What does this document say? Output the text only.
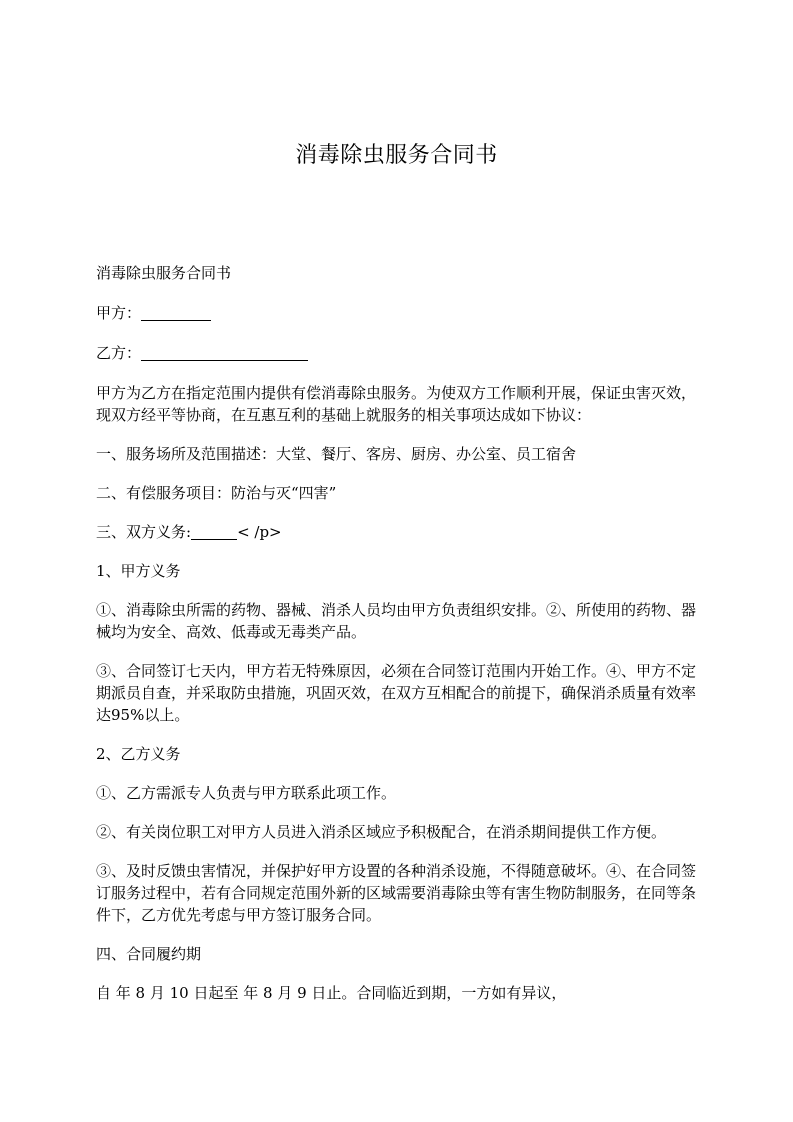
消毒除虫服务合同书

消毒除虫服务合同书

甲方：

乙方：

甲方为乙方在指定范围内提供有偿消毒除虫服务。为使双方工作顺利开展，保证虫害灭效，现双方经平等协商，在互惠互利的基础上就服务的相关事项达成如下协议：

一、服务场所及范围描述：大堂、餐厅、客房、厨房、办公室、员工宿舍

二、有偿服务项目：防治与灭“四害”

三、双方义务:	< /p>

1、甲方义务

①、消毒除虫所需的药物、器械、消杀人员均由甲方负责组织安排。②、所使用的药物、器械均为安全、高效、低毒或无毒类产品。

③、合同签订七天内，甲方若无特殊原因，必须在合同签订范围内开始工作。④、甲方不定期派员自查，并采取防虫措施，巩固灭效，在双方互相配合的前提下，确保消杀质量有效率达95%以上。

2、乙方义务

①、乙方需派专人负责与甲方联系此项工作。

②、有关岗位职工对甲方人员进入消杀区域应予积极配合，在消杀期间提供工作方便。

③、及时反馈虫害情况，并保护好甲方设置的各种消杀设施，不得随意破坏。④、在合同签订服务过程中，若有合同规定范围外新的区域需要消毒除虫等有害生物防制服务，在同等条件下，乙方优先考虑与甲方签订服务合同。

四、合同履约期

自 年 8 月 10 日起至 年 8 月 9 日止。合同临近到期，一方如有异议，
